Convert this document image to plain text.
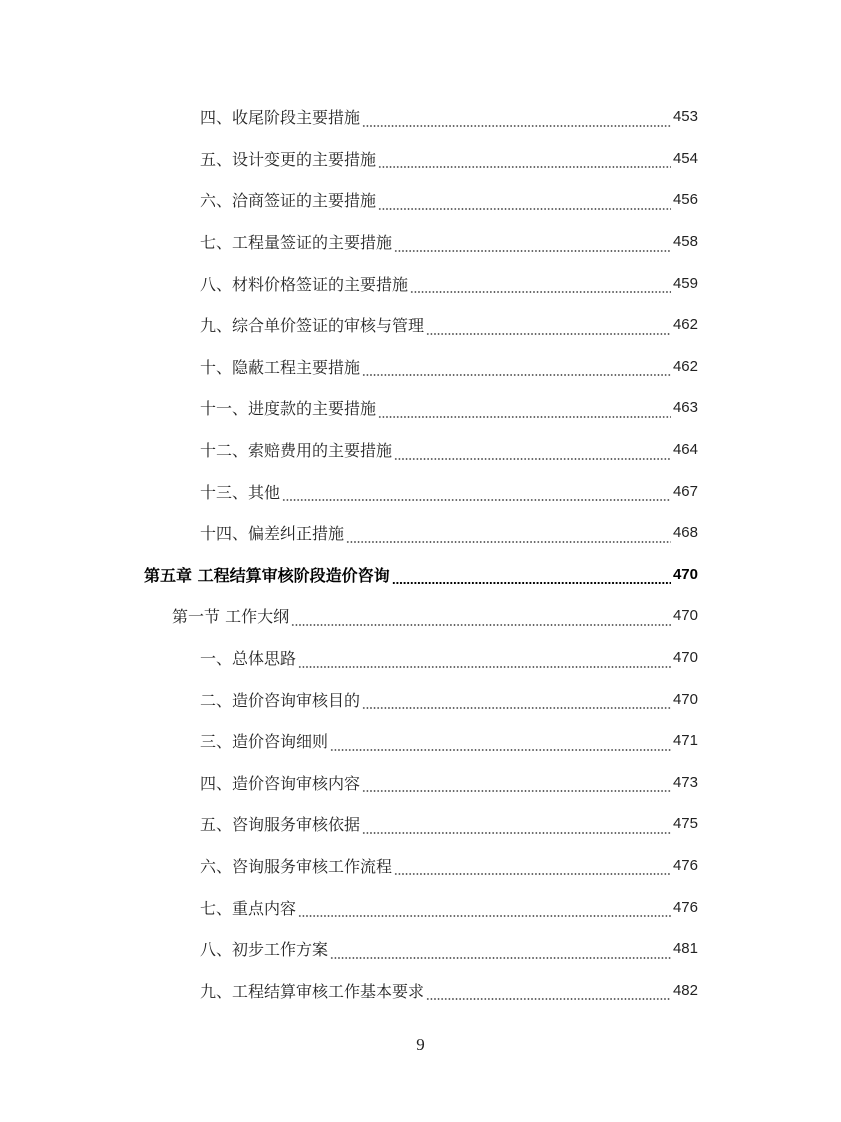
四、收尾阶段主要措施	453
五、设计变更的主要措施	454
六、洽商签证的主要措施	456
七、工程量签证的主要措施	458
八、材料价格签证的主要措施	459
九、综合单价签证的审核与管理	462
十、隐蔽工程主要措施	462
十一、进度款的主要措施	463
十二、索赔费用的主要措施	464
十三、其他	467
十四、偏差纠正措施	468
第五章 工程结算审核阶段造价咨询	470
第一节 工作大纲	470
一、总体思路	470
二、造价咨询审核目的	470
三、造价咨询细则	471
四、造价咨询审核内容	473
五、咨询服务审核依据	475
六、咨询服务审核工作流程	476
七、重点内容	476
八、初步工作方案	481
九、工程结算审核工作基本要求	482
9
